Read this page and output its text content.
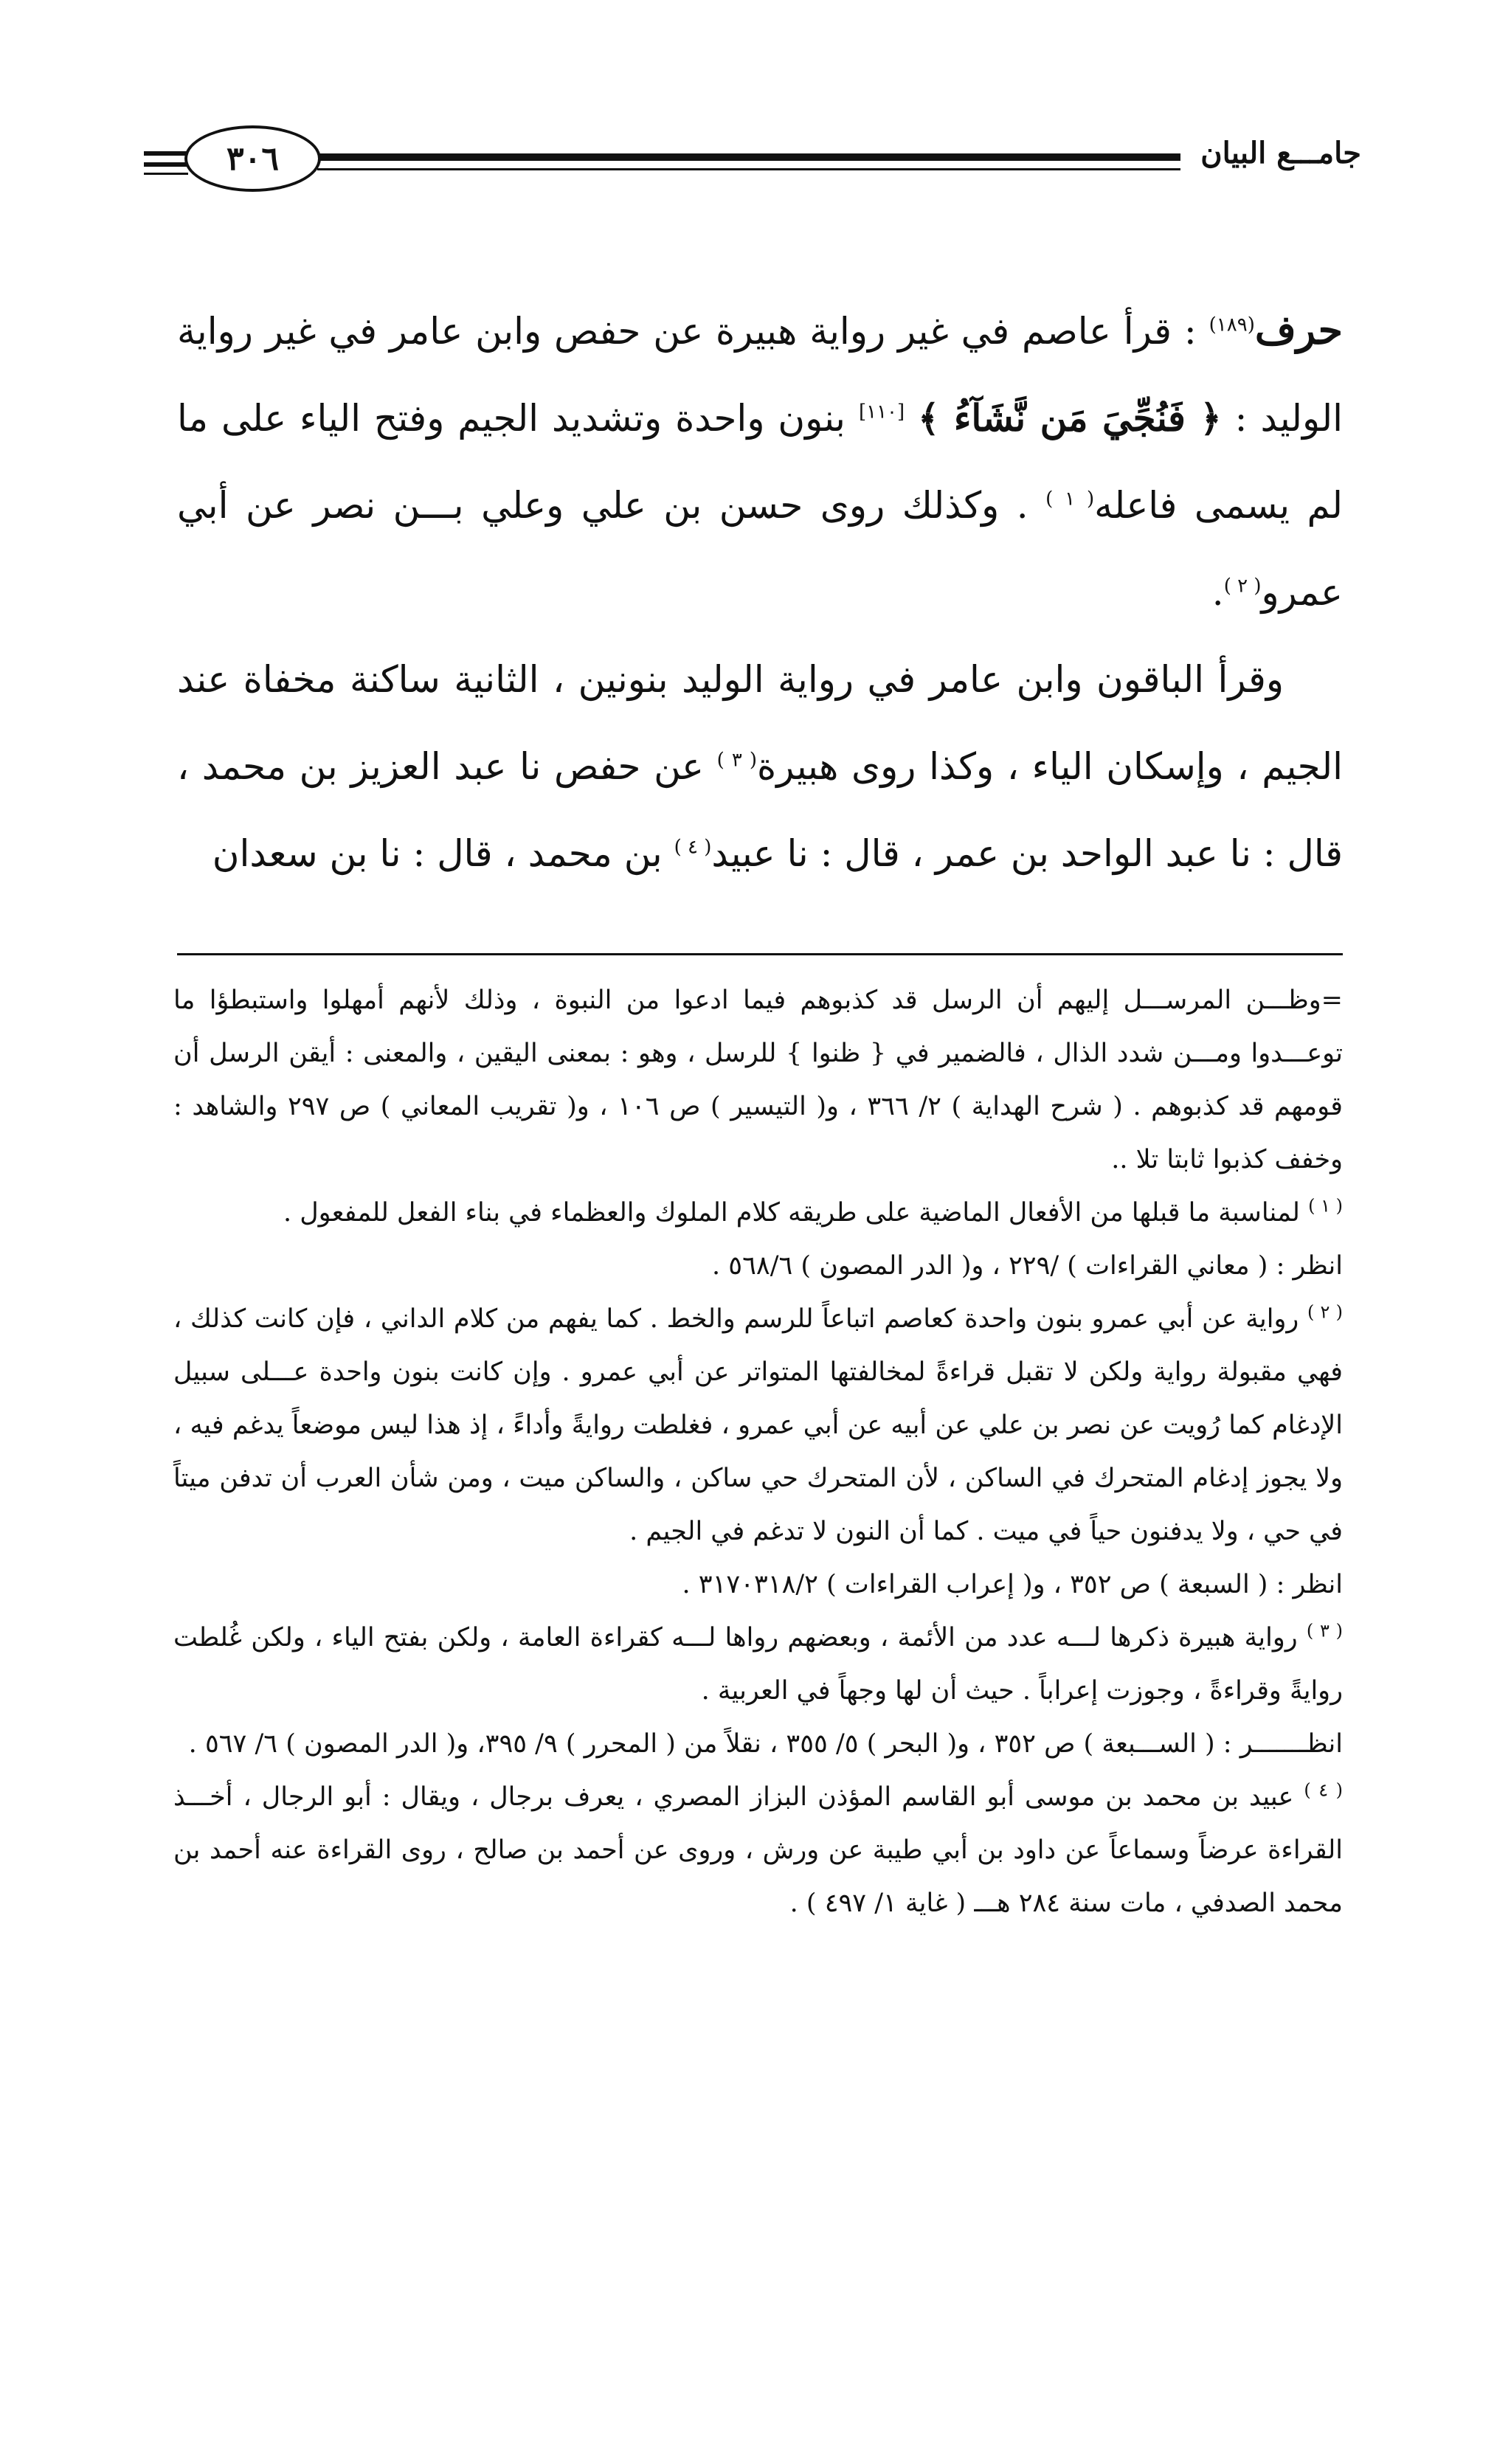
٣٠٦	جامـــع البيان

حرف$^{(١٨٩)}$ : قرأ عاصم في غير رواية هبيرة عن حفص وابن عامر في غير رواية الوليد : ﴿ فَنُجِّيَ مَن نَّشَآءُ ﴾ [١١٠] بنون واحدة وتشديد الجيم وفتح الياء على ما لم يسمى فاعله$^{( ١ )}$ . وكذلك روى حسن بن علي وعلي بـــن نصر عن أبي عمرو$^{( ٢ )}$.

وقرأ الباقون وابن عامر في رواية الوليد بنونين ، الثانية ساكنة مخفاة عند الجيم ، وإسكان الياء ، وكذا روى هبيرة$^{( ٣ )}$ عن حفص نا عبد العزيز بن محمد ، قال : نا عبد الواحد بن عمر ، قال : نا عبيد$^{( ٤ )}$ بن محمد ، قال : نا بن سعدان

=وظـــن المرســـل إليهم أن الرسل قد كذبوهم فيما ادعوا من النبوة ، وذلك لأنهم أمهلوا واستبطؤا ما توعـــدوا ومـــن شدد الذال ، فالضمير في { ظنوا } للرسل ، وهو : بمعنى اليقين ، والمعنى : أيقن الرسل أن قومهم قد كذبوهم . ( شرح الهداية ) ٢/ ٣٦٦ ، و( التيسير ) ص ١٠٦ ، و( تقريب المعاني ) ص ٢٩٧ والشاهد : وخفف كذبوا ثابتا تلا ..

$^{( ١ )}$ لمناسبة ما قبلها من الأفعال الماضية على طريقه كلام الملوك والعظماء في بناء الفعل للمفعول .

انظر : ( معاني القراءات ) /٢٢٩ ، و( الدر المصون ) ٥٦٨/٦ .

$^{( ٢ )}$ رواية عن أبي عمرو بنون واحدة كعاصم اتباعاً للرسم والخط . كما يفهم من كلام الداني ، فإن كانت كذلك ، فهي مقبولة رواية ولكن لا تقبل قراءةً لمخالفتها المتواتر عن أبي عمرو . وإن كانت بنون واحدة عـــلى سبيل الإدغام كما رُويت عن نصر بن علي عن أبيه عن أبي عمرو ، فغلطت روايةً وأداءً ، إذ هذا ليس موضعاً يدغم فيه ، ولا يجوز إدغام المتحرك في الساكن ، لأن المتحرك حي ساكن ، والساكن ميت ، ومن شأن العرب أن تدفن ميتاً في حي ، ولا يدفنون حياً في ميت . كما أن النون لا تدغم في الجيم .

انظر : ( السبعة ) ص ٣٥٢ ، و( إعراب القراءات ) ٣١٧٠٣١٨/٢ .

$^{( ٣ )}$ رواية هبيرة ذكرها لـــه عدد من الأئمة ، وبعضهم رواها لـــه كقراءة العامة ، ولكن بفتح الياء ، ولكن غُلطت روايةً وقراءةً ، وجوزت إعراباً . حيث أن لها وجهاً في العربية .

انظـــــــر : ( الســـبعة ) ص ٣٥٢ ، و( البحر ) ٥/ ٣٥٥ ، نقلاً من ( المحرر ) ٩/ ٣٩٥، و( الدر المصون ) ٦/ ٥٦٧ .

$^{( ٤ )}$ عبيد بن محمد بن موسى أبو القاسم المؤذن البزاز المصري ، يعرف برجال ، ويقال : أبو الرجال ، أخـــذ القراءة عرضاً وسماعاً عن داود بن أبي طيبة عن ورش ، وروى عن أحمد بن صالح ، روى القراءة عنه أحمد بن محمد الصدفي ، مات سنة ٢٨٤ هـــ ( غاية ١/ ٤٩٧ ) .
